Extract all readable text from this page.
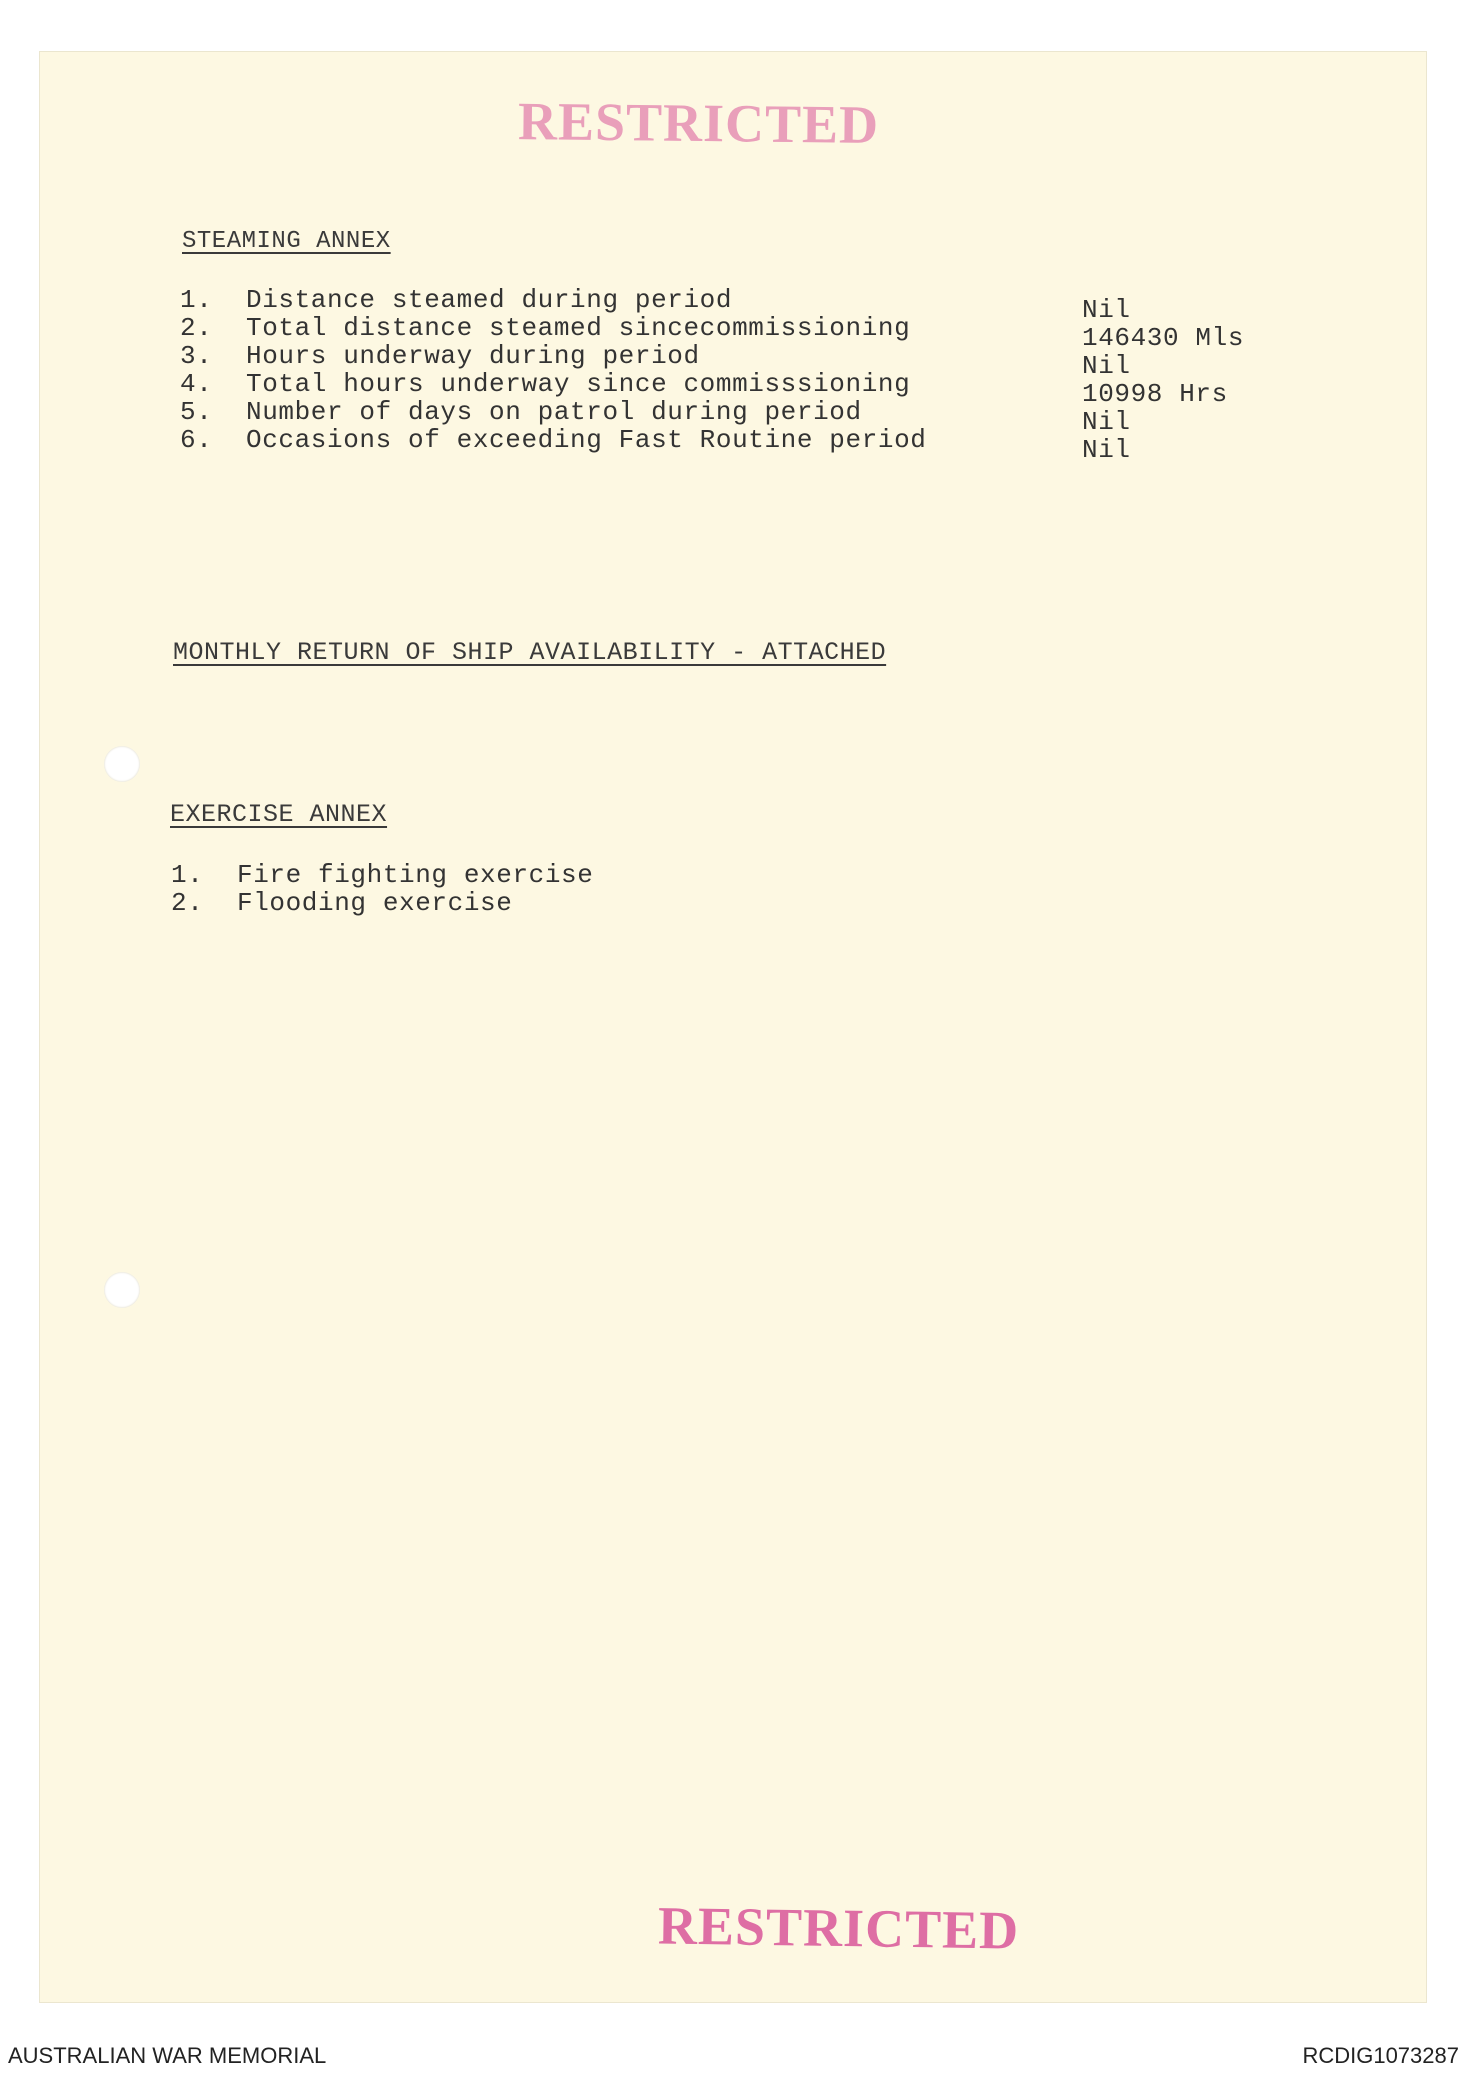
RESTRICTED
STEAMING ANNEX
1. Distance steamed during period
2. Total distance steamed sincecommissioning
3. Hours underway during period
4. Total hours underway since commisssioning
5. Number of days on patrol during period
6. Occasions of exceeding Fast Routine period
Nil
146430 Mls
Nil
10998 Hrs
Nil
Nil
MONTHLY RETURN OF SHIP AVAILABILITY - ATTACHED
EXERCISE ANNEX
1. Fire fighting exercise
2. Flooding exercise
RESTRICTED
AUSTRALIAN WAR MEMORIAL	RCDIG1073287
